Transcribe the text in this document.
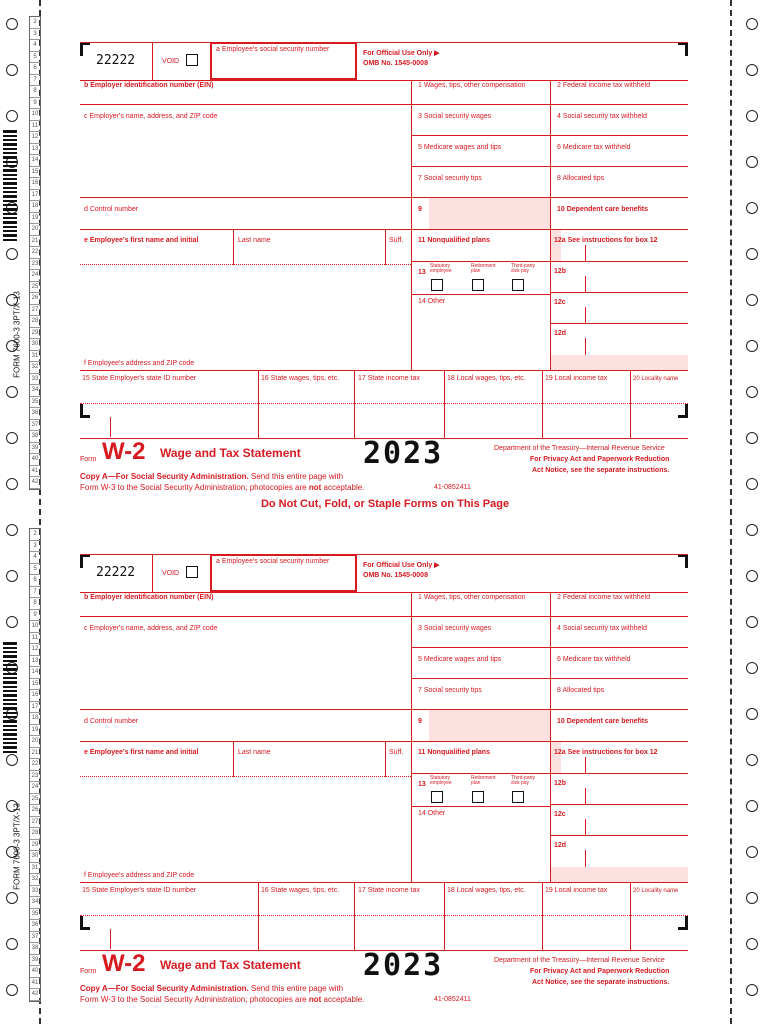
2
3
4
5
6
7
8
9
10
11
12
13
14
15
16
17
18
19
20
21
22
23
24
25
26
27
28
29
30
31
32
33
34
35
36
37
38
39
40
41
42
2
3
4
5
6
7
8
9
10
11
12
13
14
15
16
17
18
19
20
21
22
23
24
25
26
27
28
29
30
31
32
33
34
35
36
37
38
39
40
41
42
FORM 7600-3 3PT/X-13
FORM 7600-3 3PT/X-13
22222	VOID
a Employee's social security number
For Official Use Only ▶
OMB No. 1545-0008
b Employer identification number (EIN)
c Employer's name, address, and ZIP code
d Control number
e Employee's first name and initial	Last name	Suff.
f Employee's address and ZIP code
1 Wages, tips, other compensation	2 Federal income tax withheld
3 Social security wages	4 Social security tax withheld
5 Medicare wages and tips	6 Medicare tax withheld
7 Social security tips	8 Allocated tips
9	10 Dependent care benefits
11 Nonqualified plans	12a See instructions for box 12
13
Statutory employee
Retirement plan
Third-party sick pay	12b
14 Other	12c
12d
15 State Employer's state ID number	16 State wages, tips, etc.	17 State income tax	18 Local wages, tips, etc.	19 Local income tax	20 Locality name
Form W-2 Wage and Tax Statement 2023	Department of the Treasury—Internal Revenue Service
For Privacy Act and Paperwork Reduction
Act Notice, see the separate instructions.
Copy A—For Social Security Administration. Send this entire page with
Form W-3 to the Social Security Administration; photocopies are not acceptable.	41-0852411
Do Not Cut, Fold, or Staple Forms on This Page
22222	VOID
a Employee's social security number
For Official Use Only ▶
OMB No. 1545-0008
b Employer identification number (EIN)
c Employer's name, address, and ZIP code
d Control number
e Employee's first name and initial	Last name	Suff.
f Employee's address and ZIP code
1 Wages, tips, other compensation	2 Federal income tax withheld
3 Social security wages	4 Social security tax withheld
5 Medicare wages and tips	6 Medicare tax withheld
7 Social security tips	8 Allocated tips
9	10 Dependent care benefits
11 Nonqualified plans	12a See instructions for box 12
13
Statutory employee
Retirement plan
Third-party sick pay	12b
14 Other	12c
12d
15 State Employer's state ID number	16 State wages, tips, etc.	17 State income tax	18 Local wages, tips, etc.	19 Local income tax	20 Locality name
Form W-2 Wage and Tax Statement 2023	Department of the Treasury—Internal Revenue Service
For Privacy Act and Paperwork Reduction
Act Notice, see the separate instructions.
Copy A—For Social Security Administration. Send this entire page with
Form W-3 to the Social Security Administration; photocopies are not acceptable.	41-0852411
